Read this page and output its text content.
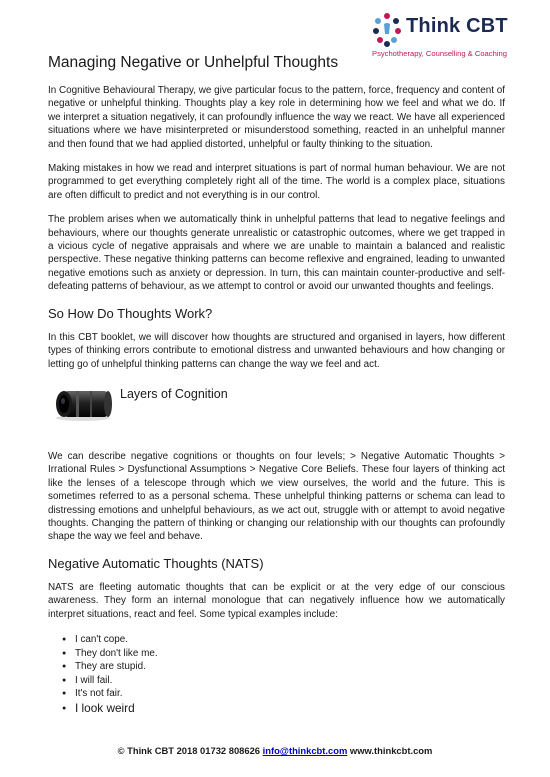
Think CBT
Psychotherapy, Counselling & Coaching
Managing Negative or Unhelpful Thoughts

In Cognitive Behavioural Therapy, we give particular focus to the pattern, force, frequency and content of negative or unhelpful thinking. Thoughts play a key role in determining how we feel and what we do. If we interpret a situation negatively, it can profoundly influence the way we react. We have all experienced situations where we have misinterpreted or misunderstood something, reacted in an unhelpful manner and then found that we had applied distorted, unhelpful or faulty thinking to the situation.

Making mistakes in how we read and interpret situations is part of normal human behaviour. We are not programmed to get everything completely right all of the time. The world is a complex place, situations are often difficult to predict and not everything is in our control.

The problem arises when we automatically think in unhelpful patterns that lead to negative feelings and behaviours, where our thoughts generate unrealistic or catastrophic outcomes, where we get trapped in a vicious cycle of negative appraisals and where we are unable to maintain a balanced and realistic perspective. These negative thinking patterns can become reflexive and engrained, leading to unwanted negative emotions such as anxiety or depression. In turn, this can maintain counter-productive and self-defeating patterns of behaviour, as we attempt to control or avoid our unwanted thoughts and feelings.

So How Do Thoughts Work?

In this CBT booklet, we will discover how thoughts are structured and organised in layers, how different types of thinking errors contribute to emotional distress and unwanted behaviours and how changing or letting go of unhelpful thinking patterns can change the way we feel and act.

Layers of Cognition

We can describe negative cognitions or thoughts on four levels; > Negative Automatic Thoughts > Irrational Rules > Dysfunctional Assumptions > Negative Core Beliefs. These four layers of thinking act like the lenses of a telescope through which we view ourselves, the world and the future. This is sometimes referred to as a personal schema. These unhelpful thinking patterns or schema can lead to distressing emotions and unhelpful behaviours, as we act out, struggle with or attempt to avoid negative thoughts. Changing the pattern of thinking or changing our relationship with our thoughts can profoundly shape the way we feel and behave.

Negative Automatic Thoughts (NATS)

NATS are fleeting automatic thoughts that can be explicit or at the very edge of our conscious awareness. They form an internal monologue that can negatively influence how we automatically interpret situations, react and feel. Some typical examples include:

● I can't cope.
● They don't like me.
● They are stupid.
● I will fail.
● It's not fair.
● I look weird
© Think CBT 2018 01732 808626 info@thinkcbt.com www.thinkcbt.com
